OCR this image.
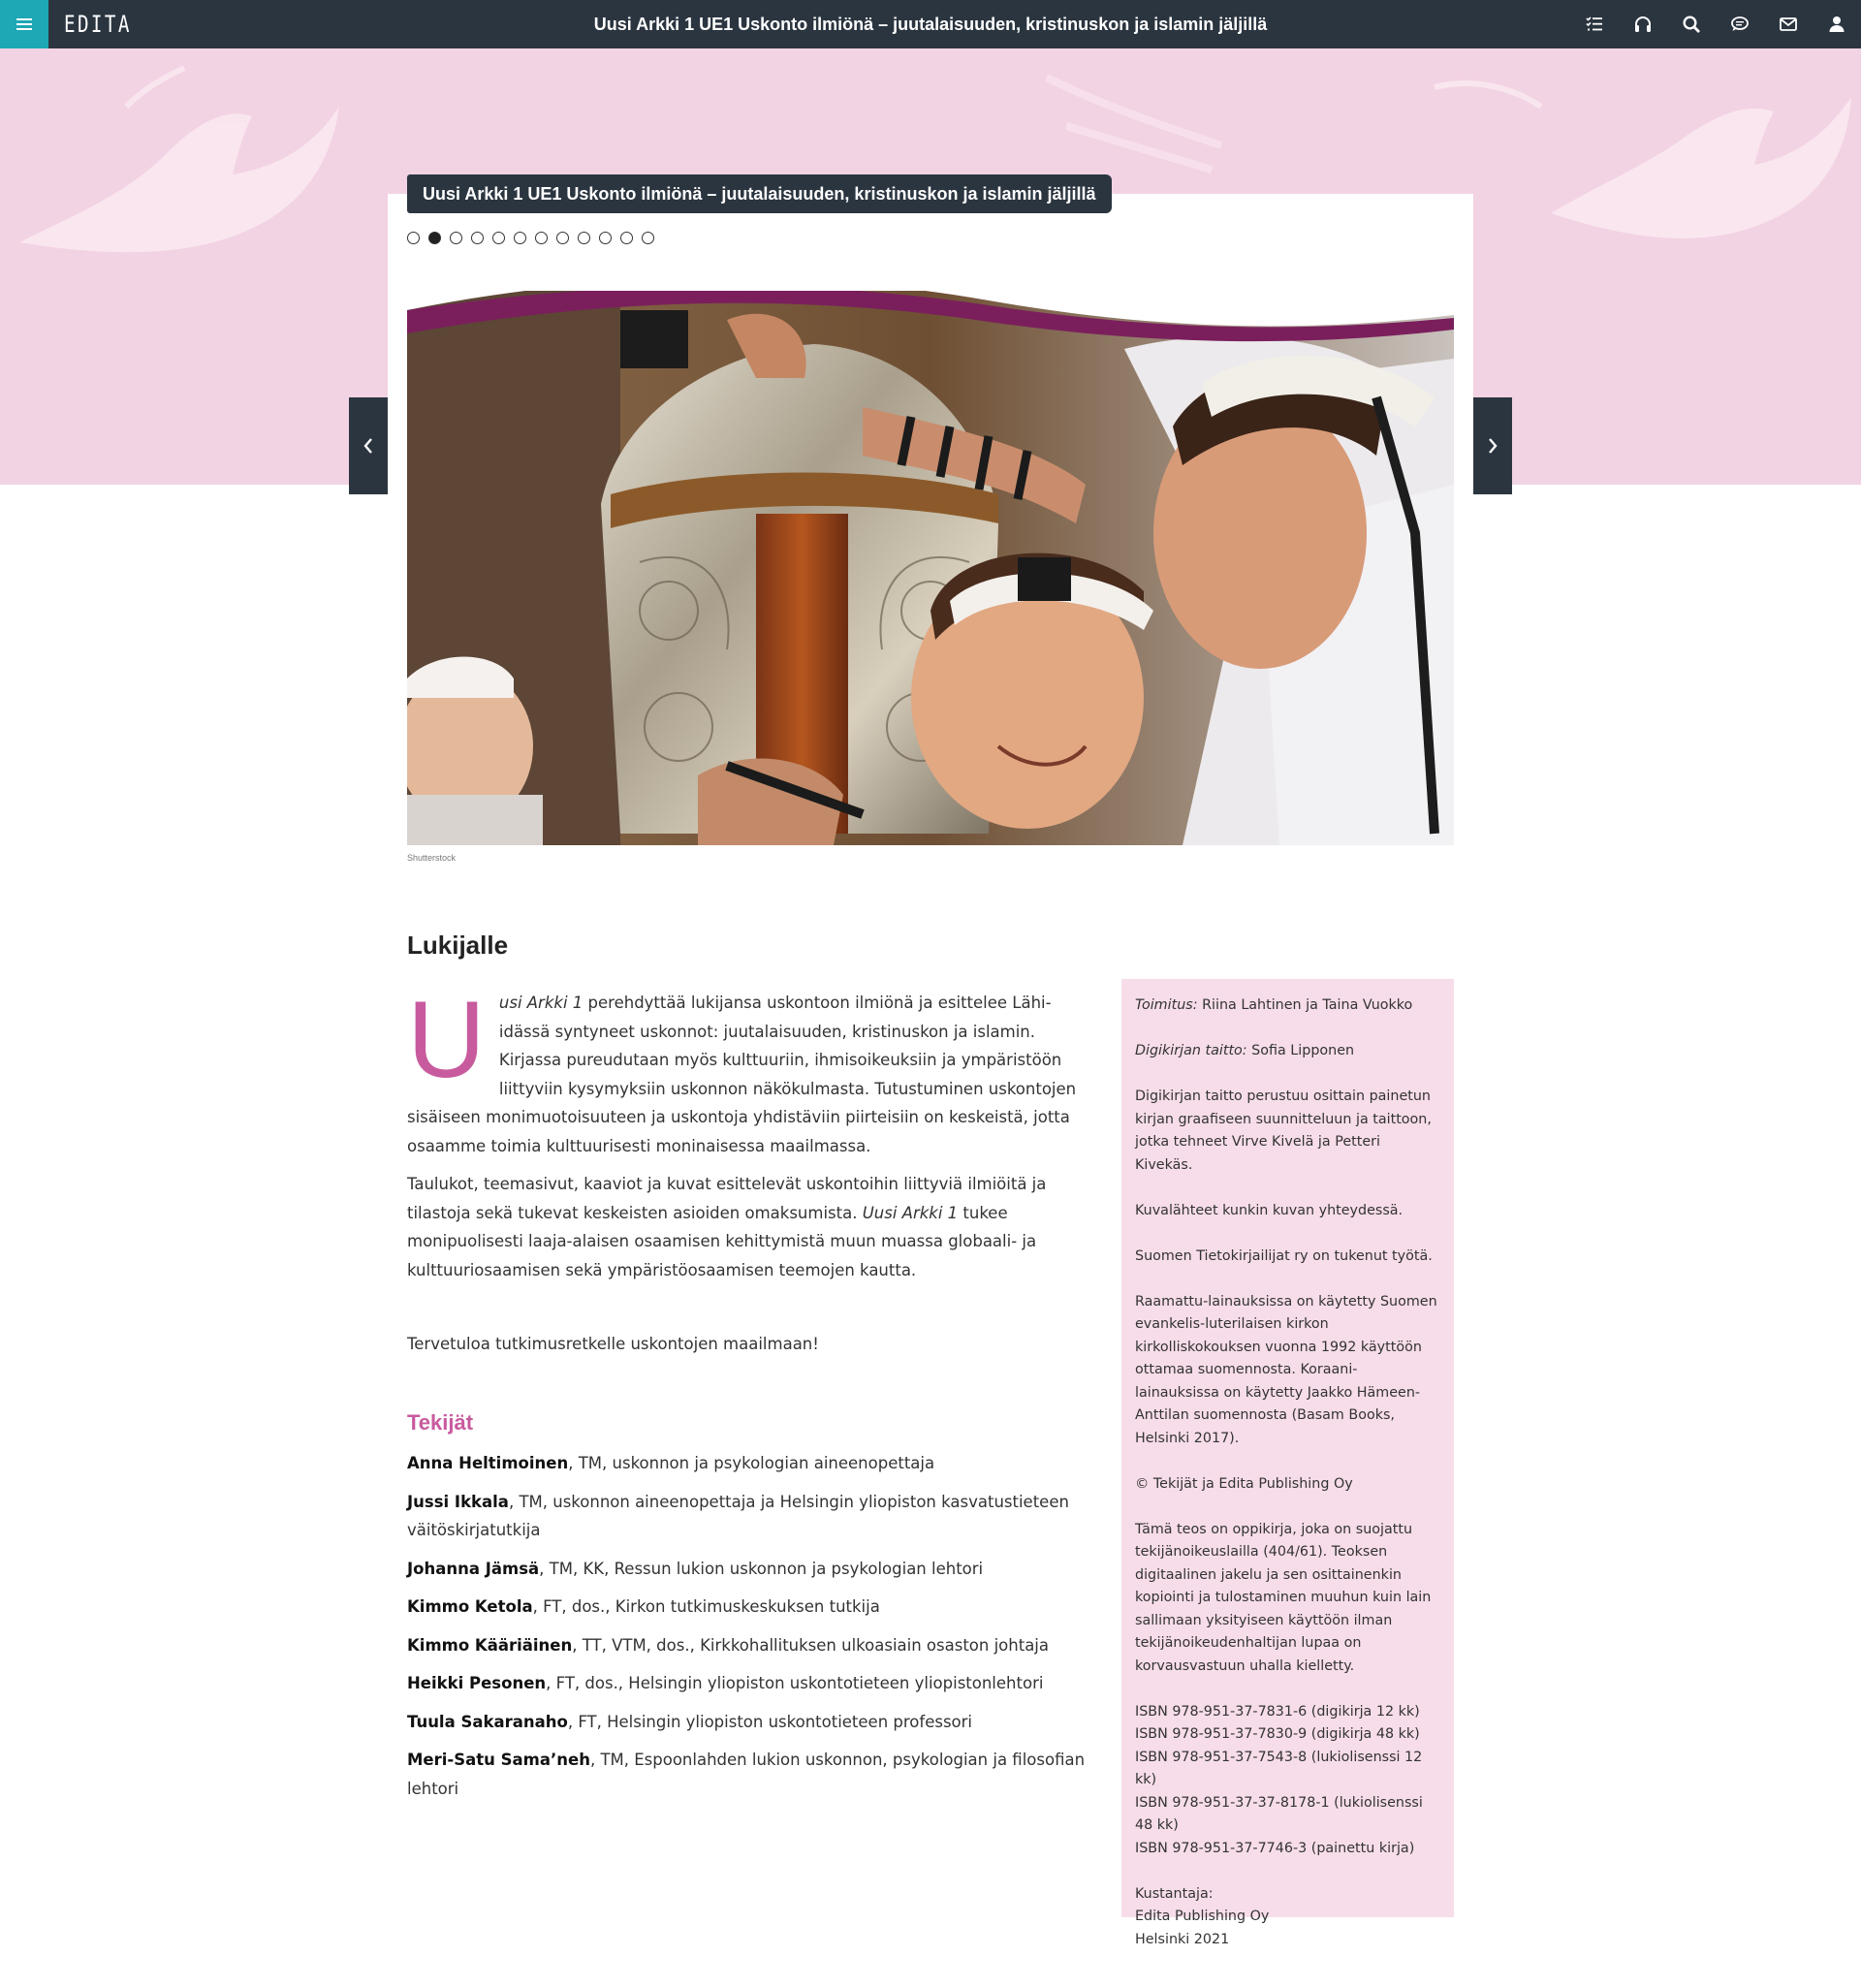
EDITA	Uusi Arkki 1 UE1 Uskonto ilmiönä – juutalaisuuden, kristinuskon ja islamin jäljillä
Uusi Arkki 1 UE1 Uskonto ilmiönä – juutalaisuuden, kristinuskon ja islamin jäljillä
Shutterstock
Lukijalle
U usi Arkki 1 perehdyttää lukijansa uskontoon ilmiönä ja esittelee Lähi-idässä syntyneet uskonnot: juutalaisuuden, kristinuskon ja islamin. Kirjassa pureudutaan myös kulttuuriin, ihmisoikeuksiin ja ympäristöön liittyviin kysymyksiin uskonnon näkökulmasta. Tutustuminen uskontojen sisäiseen monimuotoisuuteen ja uskontoja yhdistäviin piirteisiin on keskeistä, jotta osaamme toimia kulttuurisesti moninaisessa maailmassa.

Taulukot, teemasivut, kaaviot ja kuvat esittelevät uskontoihin liittyviä ilmiöitä ja tilastoja sekä tukevat keskeisten asioiden omaksumista. Uusi Arkki 1 tukee monipuolisesti laaja-alaisen osaamisen kehittymistä muun muassa globaali- ja kulttuuriosaamisen sekä ympäristöosaamisen teemojen kautta.

Tervetuloa tutkimusretkelle uskontojen maailmaan!
Tekijät
Anna Heltimoinen, TM, uskonnon ja psykologian aineenopettaja
Jussi Ikkala, TM, uskonnon aineenopettaja ja Helsingin yliopiston kasvatustieteen väitöskirjatutkija
Johanna Jämsä, TM, KK, Ressun lukion uskonnon ja psykologian lehtori
Kimmo Ketola, FT, dos., Kirkon tutkimuskeskuksen tutkija
Kimmo Kääriäinen, TT, VTM, dos., Kirkkohallituksen ulkoasiain osaston johtaja
Heikki Pesonen, FT, dos., Helsingin yliopiston uskontotieteen yliopistonlehtori
Tuula Sakaranaho, FT, Helsingin yliopiston uskontotieteen professori
Meri-Satu Sama’neh, TM, Espoonlahden lukion uskonnon, psykologian ja filosofian lehtori

Toimitus: Riina Lahtinen ja Taina Vuokko

Digikirjan taitto: Sofia Lipponen

Digikirjan taitto perustuu osittain painetun kirjan graafiseen suunnitteluun ja taittoon, jotka tehneet Virve Kivelä ja Petteri Kivekäs.

Kuvalähteet kunkin kuvan yhteydessä.

Suomen Tietokirjailijat ry on tukenut työtä.

Raamattu-lainauksissa on käytetty Suomen evankelis-luterilaisen kirkon kirkolliskokouksen vuonna 1992 käyttöön ottamaa suomennosta. Koraani-lainauksissa on käytetty Jaakko Hämeen-Anttilan suomennosta (Basam Books, Helsinki 2017).

© Tekijät ja Edita Publishing Oy

Tämä teos on oppikirja, joka on suojattu tekijänoikeuslailla (404/61). Teoksen digitaalinen jakelu ja sen osittainenkin kopiointi ja tulostaminen muuhun kuin lain sallimaan yksityiseen käyttöön ilman tekijänoikeudenhaltijan lupaa on korvausvastuun uhalla kielletty.

ISBN 978-951-37-7831-6 (digikirja 12 kk)
ISBN 978-951-37-7830-9 (digikirja 48 kk)
ISBN 978-951-37-7543-8 (lukiolisenssi 12 kk)
ISBN 978-951-37-37-8178-1 (lukiolisenssi 48 kk)
ISBN 978-951-37-7746-3 (painettu kirja)

Kustantaja:
Edita Publishing Oy
Helsinki 2021
